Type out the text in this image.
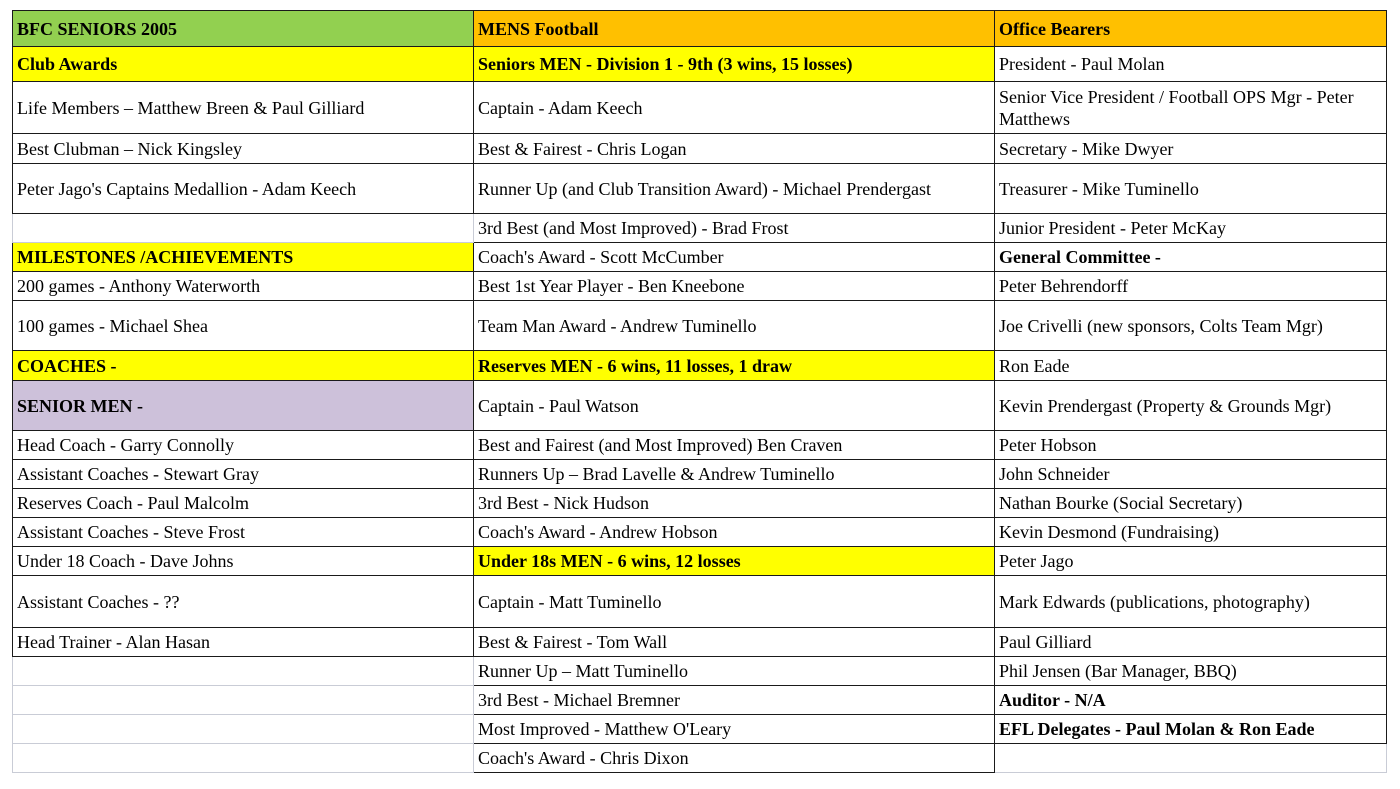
BFC SENIORS 2005	MENS Football	Office Bearers
Club Awards	Seniors MEN - Division 1 - 9th (3 wins, 15 losses)	President - Paul Molan
Life Members – Matthew Breen & Paul Gilliard	Captain - Adam Keech	Senior Vice President / Football OPS Mgr - Peter Matthews
Best Clubman – Nick Kingsley	Best & Fairest - Chris Logan	Secretary - Mike Dwyer
Peter Jago's Captains Medallion - Adam Keech	Runner Up (and Club Transition Award) - Michael Prendergast	Treasurer - Mike Tuminello
	3rd Best (and Most Improved) - Brad Frost	Junior President - Peter McKay
MILESTONES /ACHIEVEMENTS	Coach's Award - Scott McCumber	General Committee -
200 games - Anthony Waterworth	Best 1st Year Player - Ben Kneebone	Peter Behrendorff
100 games - Michael Shea	Team Man Award - Andrew Tuminello	Joe Crivelli (new sponsors, Colts Team Mgr)
COACHES -	Reserves MEN - 6 wins, 11 losses, 1 draw	Ron Eade
SENIOR MEN -	Captain - Paul Watson	Kevin Prendergast (Property & Grounds Mgr)
Head Coach - Garry Connolly	Best and Fairest (and Most Improved) Ben Craven	Peter Hobson
Assistant Coaches - Stewart Gray	Runners Up – Brad Lavelle & Andrew Tuminello	John Schneider
Reserves Coach - Paul Malcolm	3rd Best - Nick Hudson	Nathan Bourke (Social Secretary)
Assistant Coaches - Steve Frost	Coach's Award - Andrew Hobson	Kevin Desmond (Fundraising)
Under 18 Coach - Dave Johns	Under 18s MEN - 6 wins, 12 losses	Peter Jago
Assistant Coaches - ??	Captain - Matt Tuminello	Mark Edwards (publications, photography)
Head Trainer - Alan Hasan	Best & Fairest - Tom Wall	Paul Gilliard
	Runner Up – Matt Tuminello	Phil Jensen (Bar Manager, BBQ)
	3rd Best - Michael Bremner	Auditor - N/A
	Most Improved - Matthew O'Leary	EFL Delegates - Paul Molan & Ron Eade
	Coach's Award - Chris Dixon	
